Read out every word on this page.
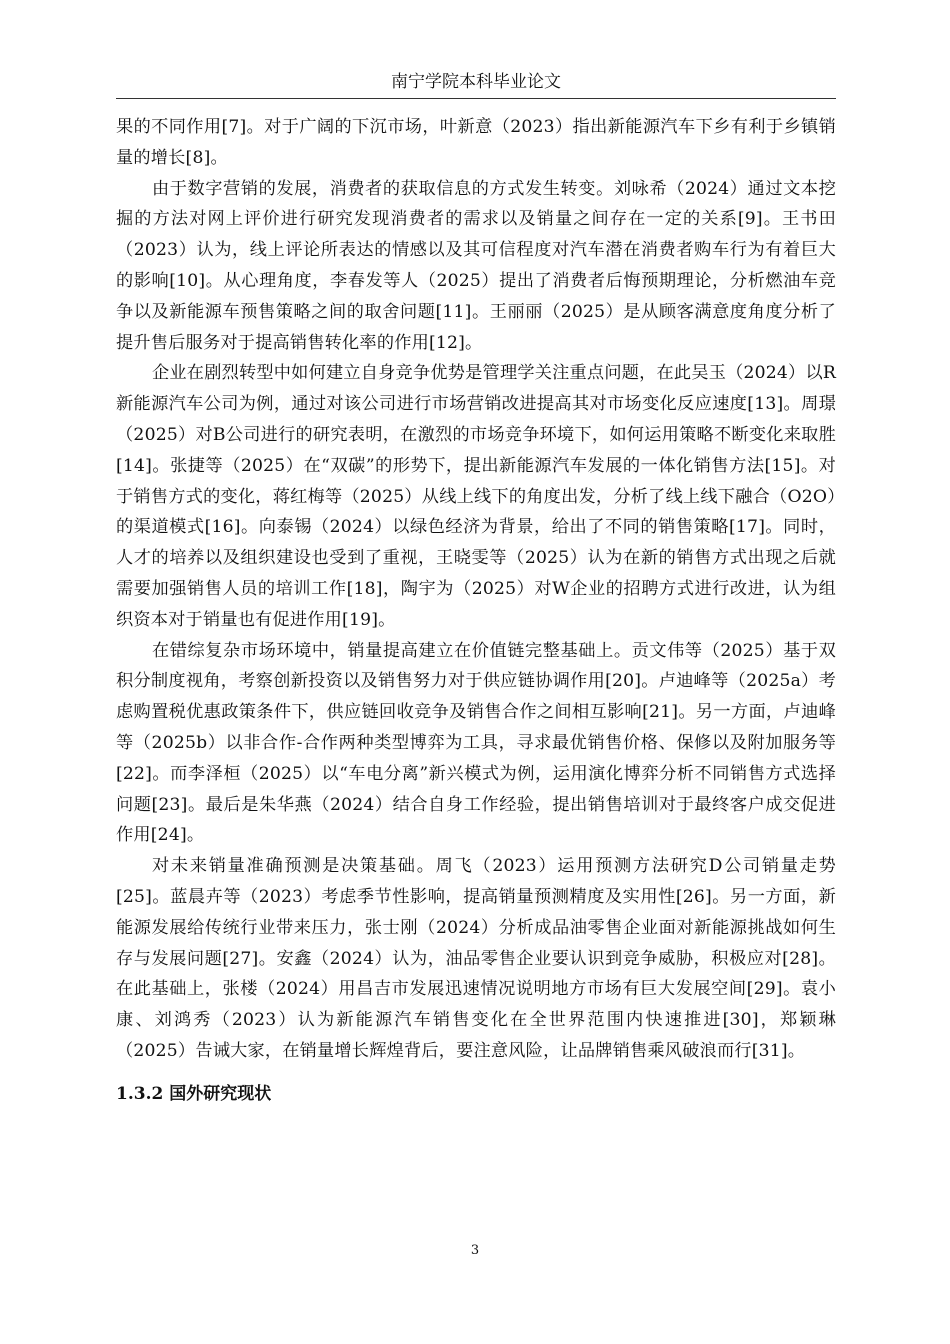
南宁学院本科毕业论文

果的不同作用[7]。对于广阔的下沉市场，叶新意（2023）指出新能源汽车下乡有利于乡镇销量的增长[8]。

由于数字营销的发展，消费者的获取信息的方式发生转变。刘咏希（2024）通过文本挖掘的方法对网上评价进行研究发现消费者的需求以及销量之间存在一定的关系[9]。王书田（2023）认为，线上评论所表达的情感以及其可信程度对汽车潜在消费者购车行为有着巨大的影响[10]。从心理角度，李春发等人（2025）提出了消费者后悔预期理论，分析燃油车竞争以及新能源车预售策略之间的取舍问题[11]。王丽丽（2025）是从顾客满意度角度分析了提升售后服务对于提高销售转化率的作用[12]。

企业在剧烈转型中如何建立自身竞争优势是管理学关注重点问题，在此吴玉（2024）以R新能源汽车公司为例，通过对该公司进行市场营销改进提高其对市场变化反应速度[13]。周璟（2025）对B公司进行的研究表明，在激烈的市场竞争环境下，如何运用策略不断变化来取胜[14]。张捷等（2025）在“双碳”的形势下，提出新能源汽车发展的一体化销售方法[15]。对于销售方式的变化，蒋红梅等（2025）从线上线下的角度出发，分析了线上线下融合（O2O）的渠道模式[16]。向泰锡（2024）以绿色经济为背景，给出了不同的销售策略[17]。同时，人才的培养以及组织建设也受到了重视，王晓雯等（2025）认为在新的销售方式出现之后就需要加强销售人员的培训工作[18]，陶宇为（2025）对W企业的招聘方式进行改进，认为组织资本对于销量也有促进作用[19]。

在错综复杂市场环境中，销量提高建立在价值链完整基础上。贡文伟等（2025）基于双积分制度视角，考察创新投资以及销售努力对于供应链协调作用[20]。卢迪峰等（2025a）考虑购置税优惠政策条件下，供应链回收竞争及销售合作之间相互影响[21]。另一方面，卢迪峰等（2025b）以非合作-合作两种类型博弈为工具，寻求最优销售价格、保修以及附加服务等[22]。而李泽桓（2025）以“车电分离”新兴模式为例，运用演化博弈分析不同销售方式选择问题[23]。最后是朱华燕（2024）结合自身工作经验，提出销售培训对于最终客户成交促进作用[24]。

对未来销量准确预测是决策基础。周飞（2023）运用预测方法研究D公司销量走势[25]。蓝晨卉等（2023）考虑季节性影响，提高销量预测精度及实用性[26]。另一方面，新能源发展给传统行业带来压力，张士刚（2024）分析成品油零售企业面对新能源挑战如何生存与发展问题[27]。安鑫（2024）认为，油品零售企业要认识到竞争威胁，积极应对[28]。在此基础上，张楼（2024）用昌吉市发展迅速情况说明地方市场有巨大发展空间[29]。袁小康、刘鸿秀（2023）认为新能源汽车销售变化在全世界范围内快速推进[30]，郑颖琳（2025）告诫大家，在销量增长辉煌背后，要注意风险，让品牌销售乘风破浪而行[31]。

1.3.2 国外研究现状
3
